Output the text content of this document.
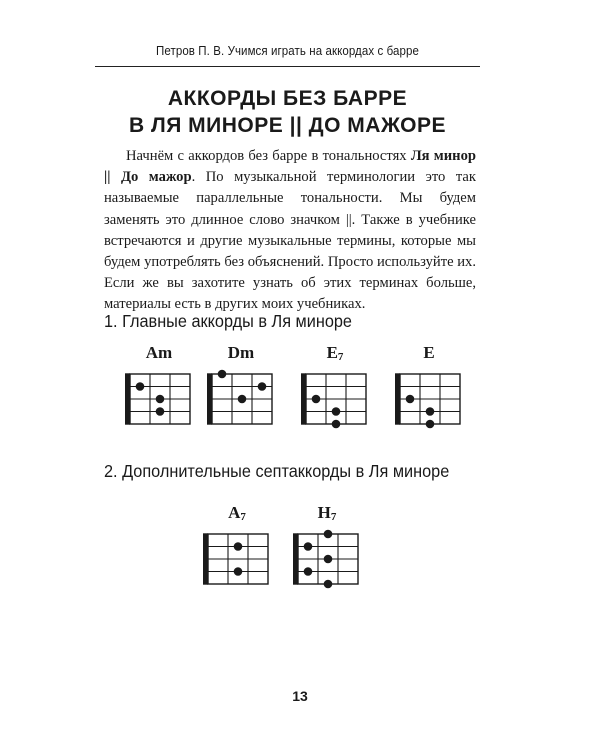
Петров П. В. Учимся играть на аккордах с барре
АККОРДЫ БЕЗ БАРРЕ
В ЛЯ МИНОРЕ || ДО МАЖОРЕ

Начнём с аккордов без барре в тональностях Ля минор || До мажор. По музыкальной терминологии это так называемые параллельные тональности. Мы будем заменять это длинное слово значком ||. Также в учебнике встречаются и другие музыкальные термины, которые мы будем употреблять без объяснений. Просто используйте их. Если же вы захотите узнать об этих терминах больше, материалы есть в других моих учебниках.

1. Главные аккорды в Ля миноре
Am	Dm	$E_7$	E
2. Дополнительные септаккорды в Ля миноре
$A_7$	$H_7$
13
